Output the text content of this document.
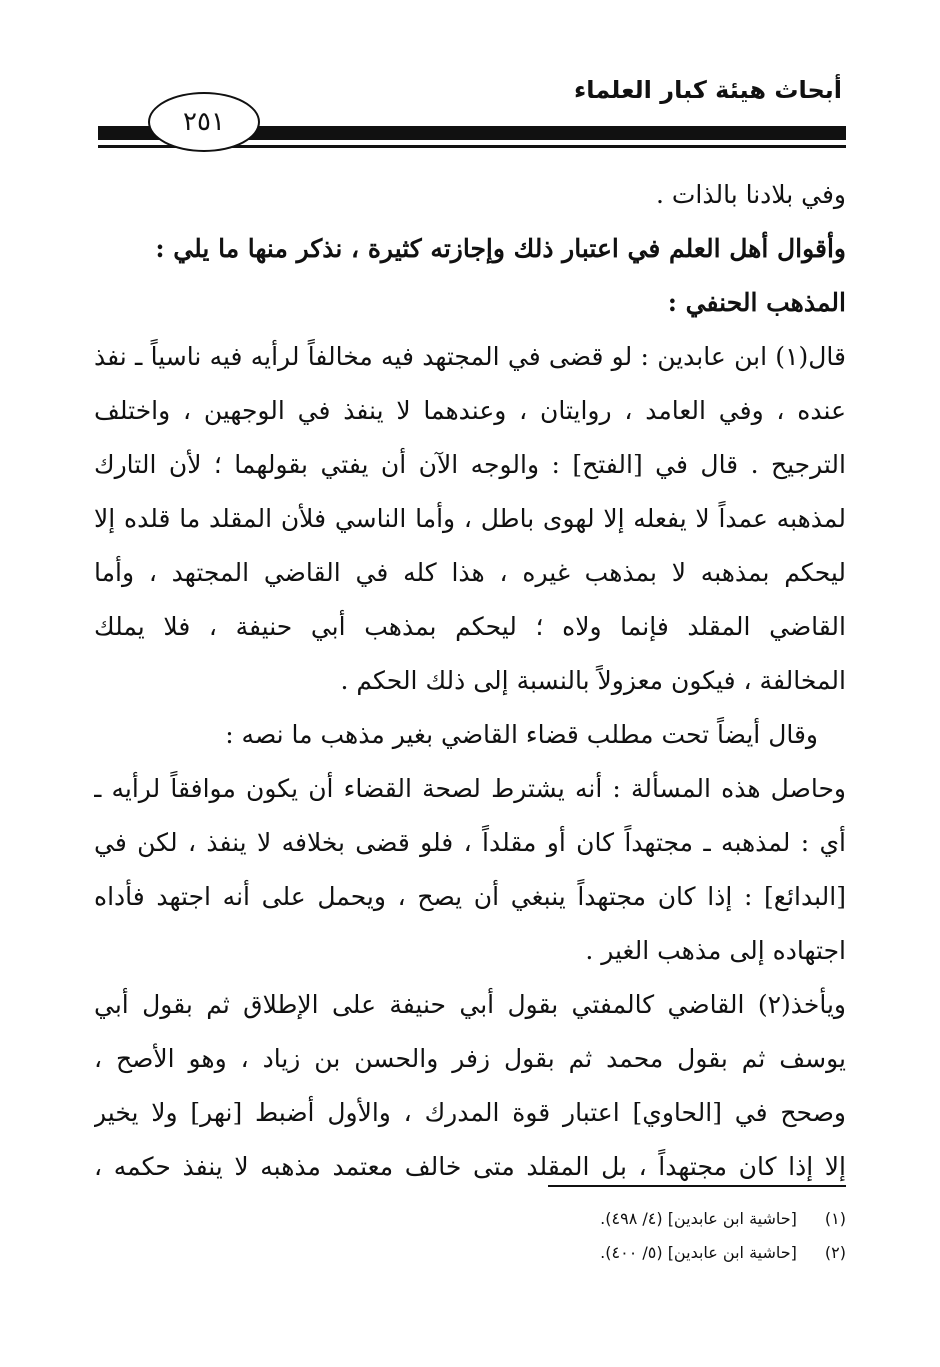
أبحاث هيئة كبار العلماء
٢٥١
وفي بلادنا بالذات .
وأقوال أهل العلم في اعتبار ذلك وإجازته كثيرة ، نذكر منها ما يلي :
المذهب الحنفي :
قال(١) ابن عابدين : لو قضى في المجتهد فيه مخالفاً لرأيه فيه ناسياً ـ نفذ
عنده ، وفي العامد ، روايتان ، وعندهما لا ينفذ في الوجهين ، واختلف
الترجيح . قال في [الفتح] : والوجه الآن أن يفتي بقولهما ؛ لأن التارك
لمذهبه عمداً لا يفعله إلا لهوى باطل ، وأما الناسي فلأن المقلد ما قلده إلا
ليحكم بمذهبه لا بمذهب غيره ، هذا كله في القاضي المجتهد ، وأما
القاضي المقلد فإنما ولاه ؛ ليحكم بمذهب أبي حنيفة ، فلا يملك
المخالفة ، فيكون معزولاً بالنسبة إلى ذلك الحكم .
وقال أيضاً تحت مطلب قضاء القاضي بغير مذهب ما نصه :
وحاصل هذه المسألة : أنه يشترط لصحة القضاء أن يكون موافقاً لرأيه ـ
أي : لمذهبه ـ مجتهداً كان أو مقلداً ، فلو قضى بخلافه لا ينفذ ، لكن في
[البدائع] : إذا كان مجتهداً ينبغي أن يصح ، ويحمل على أنه اجتهد فأداه
اجتهاده إلى مذهب الغير .
ويأخذ(٢) القاضي كالمفتي بقول أبي حنيفة على الإطلاق ثم بقول أبي
يوسف ثم بقول محمد ثم بقول زفر والحسن بن زياد ، وهو الأصح ،
وصحح في [الحاوي] اعتبار قوة المدرك ، والأول أضبط [نهر] ولا يخير
إلا إذا كان مجتهداً ، بل المقلد متى خالف معتمد مذهبه لا ينفذ حكمه ،
(١) [حاشية ابن عابدين] (٤/ ٤٩٨).
(٢) [حاشية ابن عابدين] (٥/ ٤٠٠).
